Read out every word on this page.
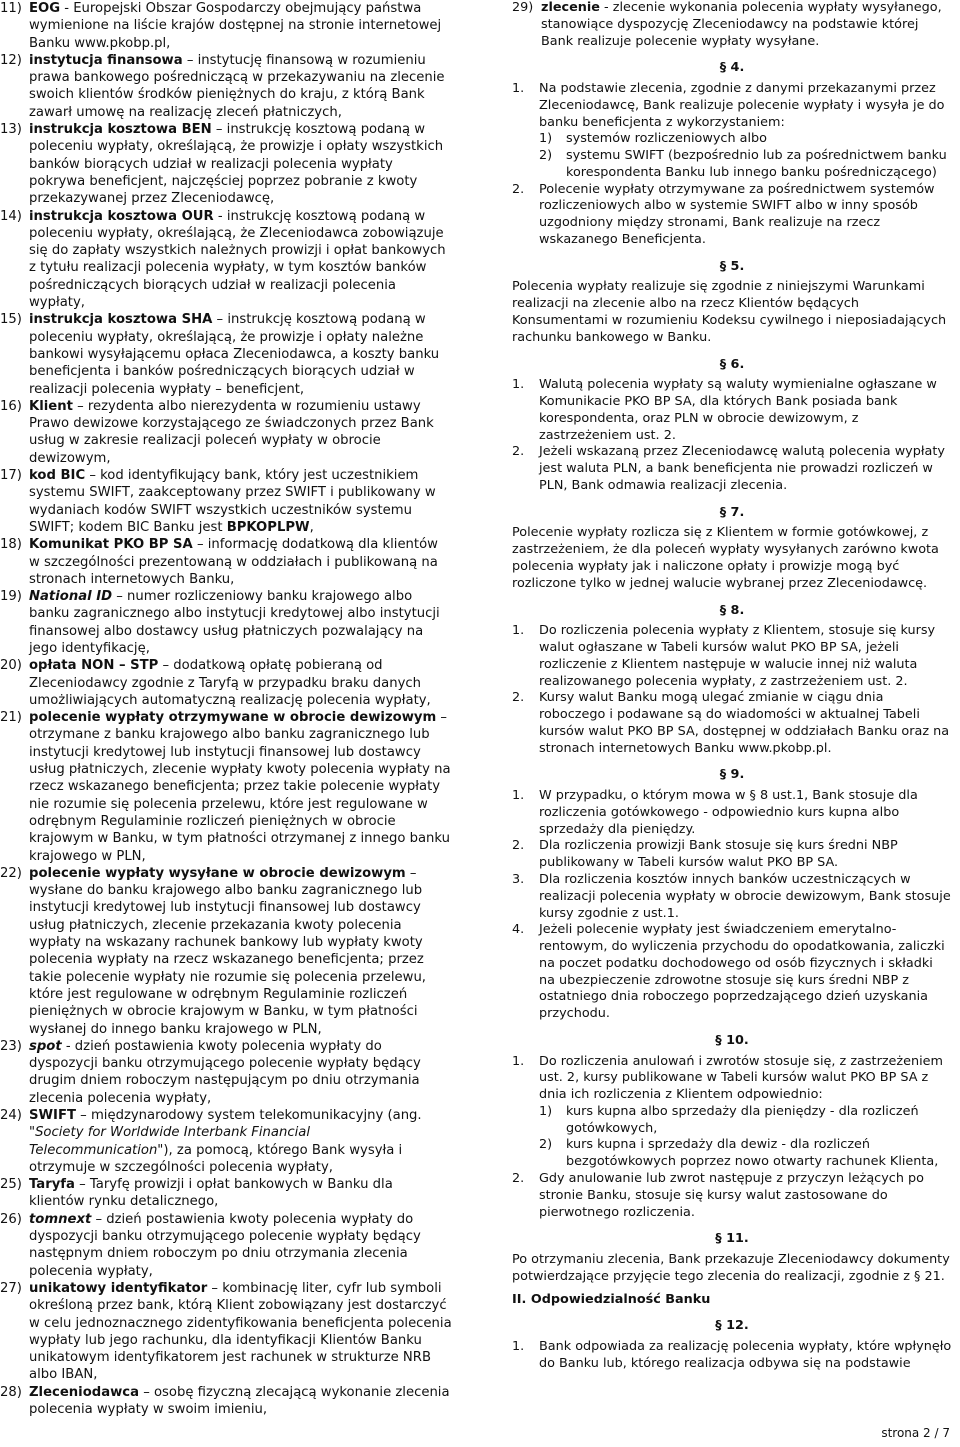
11) EOG - Europejski Obszar Gospodarczy obejmujący państwa wymienione na liście krajów dostępnej na stronie internetowej Banku www.pkobp.pl,
12) instytucja finansowa – instytucję finansową w rozumieniu prawa bankowego pośredniczącą w przekazywaniu na zlecenie swoich klientów środków pieniężnych do kraju, z którą Bank zawarł umowę na realizację zleceń płatniczych,
13) instrukcja kosztowa BEN – instrukcję kosztową podaną w poleceniu wypłaty, określającą, że prowizje i opłaty wszystkich banków biorących udział w realizacji polecenia wypłaty pokrywa beneficjent, najczęściej poprzez pobranie z kwoty przekazywanej przez Zleceniodawcę,
14) instrukcja kosztowa OUR - instrukcję kosztową podaną w poleceniu wypłaty, określającą, że Zleceniodawca zobowiązuje się do zapłaty wszystkich należnych prowizji i opłat bankowych z tytułu realizacji polecenia wypłaty, w tym kosztów banków pośredniczących biorących udział w realizacji polecenia wypłaty,
15) instrukcja kosztowa SHA – instrukcję kosztową podaną w poleceniu wypłaty, określającą, że prowizje i opłaty należne bankowi wysyłającemu opłaca Zleceniodawca, a koszty banku beneficjenta i banków pośredniczących biorących udział w realizacji polecenia wypłaty – beneficjent,
16) Klient – rezydenta albo nierezydenta w rozumieniu ustawy Prawo dewizowe korzystającego ze świadczonych przez Bank usług w zakresie realizacji poleceń wypłaty w obrocie dewizowym,
17) kod BIC – kod identyfikujący bank, który jest uczestnikiem systemu SWIFT, zaakceptowany przez SWIFT i publikowany w wydaniach kodów SWIFT wszystkich uczestników systemu SWIFT; kodem BIC Banku jest BPKOPLPW,
18) Komunikat PKO BP SA – informację dodatkową dla klientów w szczególności prezentowaną w oddziałach i publikowaną na stronach internetowych Banku,
19) National ID – numer rozliczeniowy banku krajowego albo banku zagranicznego albo instytucji kredytowej albo instytucji finansowej albo dostawcy usług płatniczych pozwalający na jego identyfikację,
20) opłata NON – STP – dodatkową opłatę pobieraną od Zleceniodawcy zgodnie z Taryfą w przypadku braku danych umożliwiających automatyczną realizację polecenia wypłaty,
21) polecenie wypłaty otrzymywane w obrocie dewizowym – otrzymane z banku krajowego albo banku zagranicznego lub instytucji kredytowej lub instytucji finansowej lub dostawcy usług płatniczych, zlecenie wypłaty kwoty polecenia wypłaty na rzecz wskazanego beneficjenta; przez takie polecenie wypłaty nie rozumie się polecenia przelewu, które jest regulowane w odrębnym Regulaminie rozliczeń pieniężnych w obrocie krajowym w Banku, w tym płatności otrzymanej z innego banku krajowego w PLN,
22) polecenie wypłaty wysyłane w obrocie dewizowym – wysłane do banku krajowego albo banku zagranicznego lub instytucji kredytowej lub instytucji finansowej lub dostawcy usług płatniczych, zlecenie przekazania kwoty polecenia wypłaty na wskazany rachunek bankowy lub wypłaty kwoty polecenia wypłaty na rzecz wskazanego beneficjenta; przez takie polecenie wypłaty nie rozumie się polecenia przelewu, które jest regulowane w odrębnym Regulaminie rozliczeń pieniężnych w obrocie krajowym w Banku, w tym płatności wysłanej do innego banku krajowego w PLN,
23) spot - dzień postawienia kwoty polecenia wypłaty do dyspozycji banku otrzymującego polecenie wypłaty będący drugim dniem roboczym następującym po dniu otrzymania zlecenia polecenia wypłaty,
24) SWIFT – międzynarodowy system telekomunikacyjny (ang. "Society for Worldwide Interbank Financial Telecommunication"), za pomocą, którego Bank wysyła i otrzymuje w szczególności polecenia wypłaty,
25) Taryfa – Taryfę prowizji i opłat bankowych w Banku dla klientów rynku detalicznego,
26) tomnext – dzień postawienia kwoty polecenia wypłaty do dyspozycji banku otrzymującego polecenie wypłaty będący następnym dniem roboczym po dniu otrzymania zlecenia polecenia wypłaty,
27) unikatowy identyfikator – kombinację liter, cyfr lub symboli określoną przez bank, którą Klient zobowiązany jest dostarczyć w celu jednoznacznego zidentyfikowania beneficjenta polecenia wypłaty lub jego rachunku, dla identyfikacji Klientów Banku unikatowym identyfikatorem jest rachunek w strukturze NRB albo IBAN,
28) Zleceniodawca – osobę fizyczną zlecającą wykonanie zlecenia polecenia wypłaty w swoim imieniu,
29) zlecenie - zlecenie wykonania polecenia wypłaty wysyłanego, stanowiące dyspozycję Zleceniodawcy na podstawie której Bank realizuje polecenie wypłaty wysyłane.
§ 4.
1.	Na podstawie zlecenia, zgodnie z danymi przekazanymi przez Zleceniodawcę, Bank realizuje polecenie wypłaty i wysyła je do banku beneficjenta z wykorzystaniem:
1)	systemów rozliczeniowych albo
2)	systemu SWIFT (bezpośrednio lub za pośrednictwem banku korespondenta Banku lub innego banku pośredniczącego)
2.	Polecenie wypłaty otrzymywane za pośrednictwem systemów rozliczeniowych albo w systemie SWIFT albo w inny sposób uzgodniony między stronami, Bank realizuje na rzecz wskazanego Beneficjenta.
§ 5.

Polecenia wypłaty realizuje się zgodnie z niniejszymi Warunkami realizacji na zlecenie albo na rzecz Klientów będących Konsumentami w rozumieniu Kodeksu cywilnego i nieposiadających rachunku bankowego w Banku.

§ 6.
1.	Walutą polecenia wypłaty są waluty wymienialne ogłaszane w Komunikacie PKO BP SA, dla których Bank posiada bank korespondenta, oraz PLN w obrocie dewizowym, z zastrzeżeniem ust. 2.
2.	Jeżeli wskazaną przez Zleceniodawcę walutą polecenia wypłaty jest waluta PLN, a bank beneficjenta nie prowadzi rozliczeń w PLN, Bank odmawia realizacji zlecenia.
§ 7.

Polecenie wypłaty rozlicza się z Klientem w formie gotówkowej, z zastrzeżeniem, że dla poleceń wypłaty wysyłanych zarówno kwota polecenia wypłaty jak i naliczone opłaty i prowizje mogą być rozliczone tylko w jednej walucie wybranej przez Zleceniodawcę.

§ 8.
1.	Do rozliczenia polecenia wypłaty z Klientem, stosuje się kursy walut ogłaszane w Tabeli kursów walut PKO BP SA, jeżeli rozliczenie z Klientem następuje w walucie innej niż waluta realizowanego polecenia wypłaty, z zastrzeżeniem ust. 2.
2.	Kursy walut Banku mogą ulegać zmianie w ciągu dnia roboczego i podawane są do wiadomości w aktualnej Tabeli kursów walut PKO BP SA, dostępnej w oddziałach Banku oraz na stronach internetowych Banku www.pkobp.pl.
§ 9.
1.	W przypadku, o którym mowa w § 8 ust.1, Bank stosuje dla rozliczenia gotówkowego - odpowiednio kurs kupna albo sprzedaży dla pieniędzy.
2.	Dla rozliczenia prowizji Bank stosuje się kurs średni NBP publikowany w Tabeli kursów walut PKO BP SA.
3.	Dla rozliczenia kosztów innych banków uczestniczących w realizacji polecenia wypłaty w obrocie dewizowym, Bank stosuje kursy zgodnie z ust.1.
4.	Jeżeli polecenie wypłaty jest świadczeniem emerytalno-rentowym, do wyliczenia przychodu do opodatkowania, zaliczki na poczet podatku dochodowego od osób fizycznych i składki na ubezpieczenie zdrowotne stosuje się kurs średni NBP z ostatniego dnia roboczego poprzedzającego dzień uzyskania przychodu.
§ 10.
1.	Do rozliczenia anulowań i zwrotów stosuje się, z zastrzeżeniem ust. 2, kursy publikowane w Tabeli kursów walut PKO BP SA z dnia ich rozliczenia z Klientem odpowiednio:
1)	kurs kupna albo sprzedaży dla pieniędzy - dla rozliczeń gotówkowych,
2)	kurs kupna i sprzedaży dla dewiz - dla rozliczeń bezgotówkowych poprzez nowo otwarty rachunek Klienta,
2.	Gdy anulowanie lub zwrot następuje z przyczyn leżących po stronie Banku, stosuje się kursy walut zastosowane do pierwotnego rozliczenia.
§ 11.

Po otrzymaniu zlecenia, Bank przekazuje Zleceniodawcy dokumenty potwierdzające przyjęcie tego zlecenia do realizacji, zgodnie z § 21.

II. Odpowiedzialność Banku
§ 12.
1.	Bank odpowiada za realizację polecenia wypłaty, które wpłynęło do Banku lub, którego realizacja odbywa się na podstawie
strona 2 / 7
